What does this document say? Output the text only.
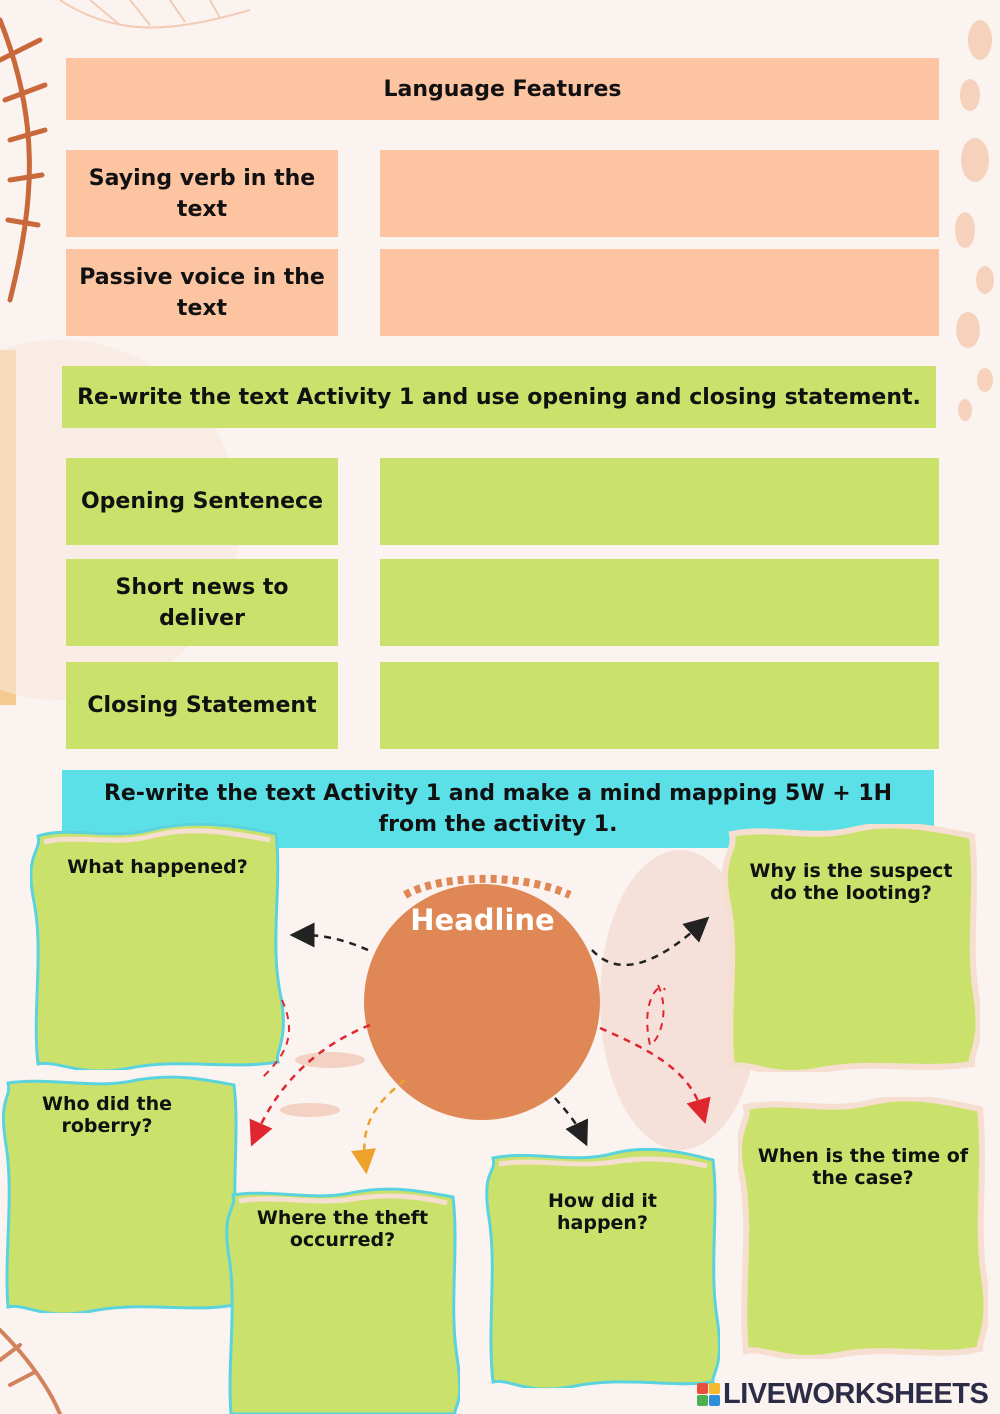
Language Features
Saying verb in the text
Passive voice in the text
Re-write the text Activity 1 and use opening and closing statement.
Opening Sentenece
Short news to deliver
Closing Statement
Re-write the text Activity 1 and make a mind mapping 5W + 1H from the activity 1.
What happened?	Why is the suspect do the looting?
Who did the roberry?
Where the theft occurred?
How did it happen?
When is the time of the case?
Headline
LIVEWORKSHEETS
